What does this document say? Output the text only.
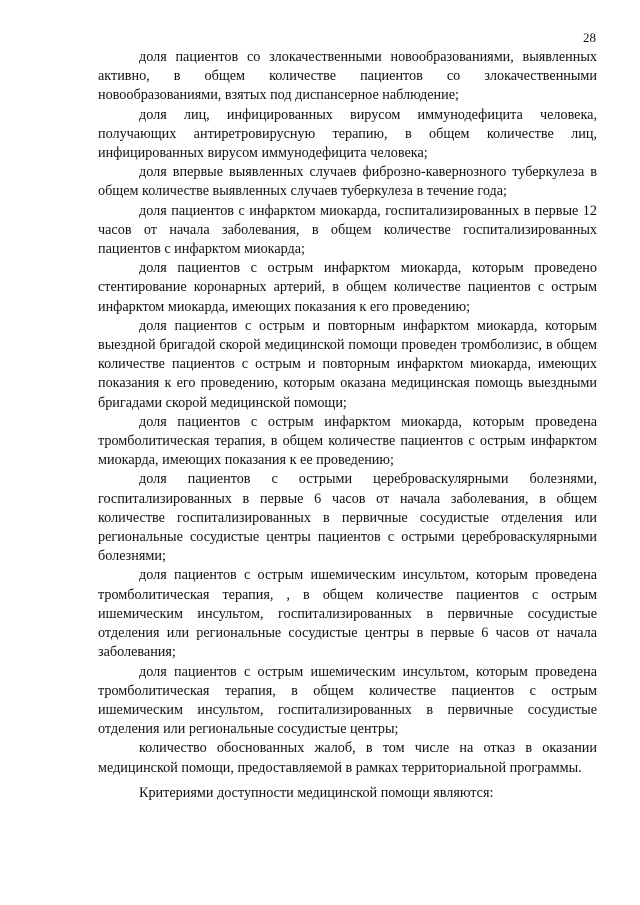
28

доля пациентов со злокачественными новообразованиями, выявленных активно, в общем количестве пациентов со злокачественными новообразованиями, взятых под диспансерное наблюдение;

доля лиц, инфицированных вирусом иммунодефицита человека, получающих антиретровирусную терапию, в общем количестве лиц, инфицированных вирусом иммунодефицита человека;

доля впервые выявленных случаев фиброзно-кавернозного туберкулеза в общем количестве выявленных случаев туберкулеза в течение года;

доля пациентов с инфарктом миокарда, госпитализированных в первые 12 часов от начала заболевания, в общем количестве госпитализированных пациентов с инфарктом миокарда;

доля пациентов с острым инфарктом миокарда, которым проведено стентирование коронарных артерий, в общем количестве пациентов с острым инфарктом миокарда, имеющих показания к его проведению;

доля пациентов с острым и повторным инфарктом миокарда, которым выездной бригадой скорой медицинской помощи проведен тромболизис, в общем количестве пациентов с острым и повторным инфарктом миокарда, имеющих показания к его проведению, которым оказана медицинская помощь выездными бригадами скорой медицинской помощи;

доля пациентов с острым инфарктом миокарда, которым проведена тромболитическая терапия, в общем количестве пациентов с острым инфарктом миокарда, имеющих показания к ее проведению;

доля пациентов с острыми цереброваскулярными болезнями, госпитализированных в первые 6 часов от начала заболевания, в общем количестве госпитализированных в первичные сосудистые отделения или региональные сосудистые центры пациентов с острыми цереброваскулярными болезнями;

доля пациентов с острым ишемическим инсультом, которым проведена тромболитическая терапия, , в общем количестве пациентов с острым ишемическим инсультом, госпитализированных в первичные сосудистые отделения или региональные сосудистые центры в первые 6 часов от начала заболевания;

доля пациентов с острым ишемическим инсультом, которым проведена тромболитическая терапия, в общем количестве пациентов с острым ишемическим инсультом, госпитализированных в первичные сосудистые отделения или региональные сосудистые центры;

количество обоснованных жалоб, в том числе на отказ в оказании медицинской помощи, предоставляемой в рамках территориальной программы.

Критериями доступности медицинской помощи являются:
